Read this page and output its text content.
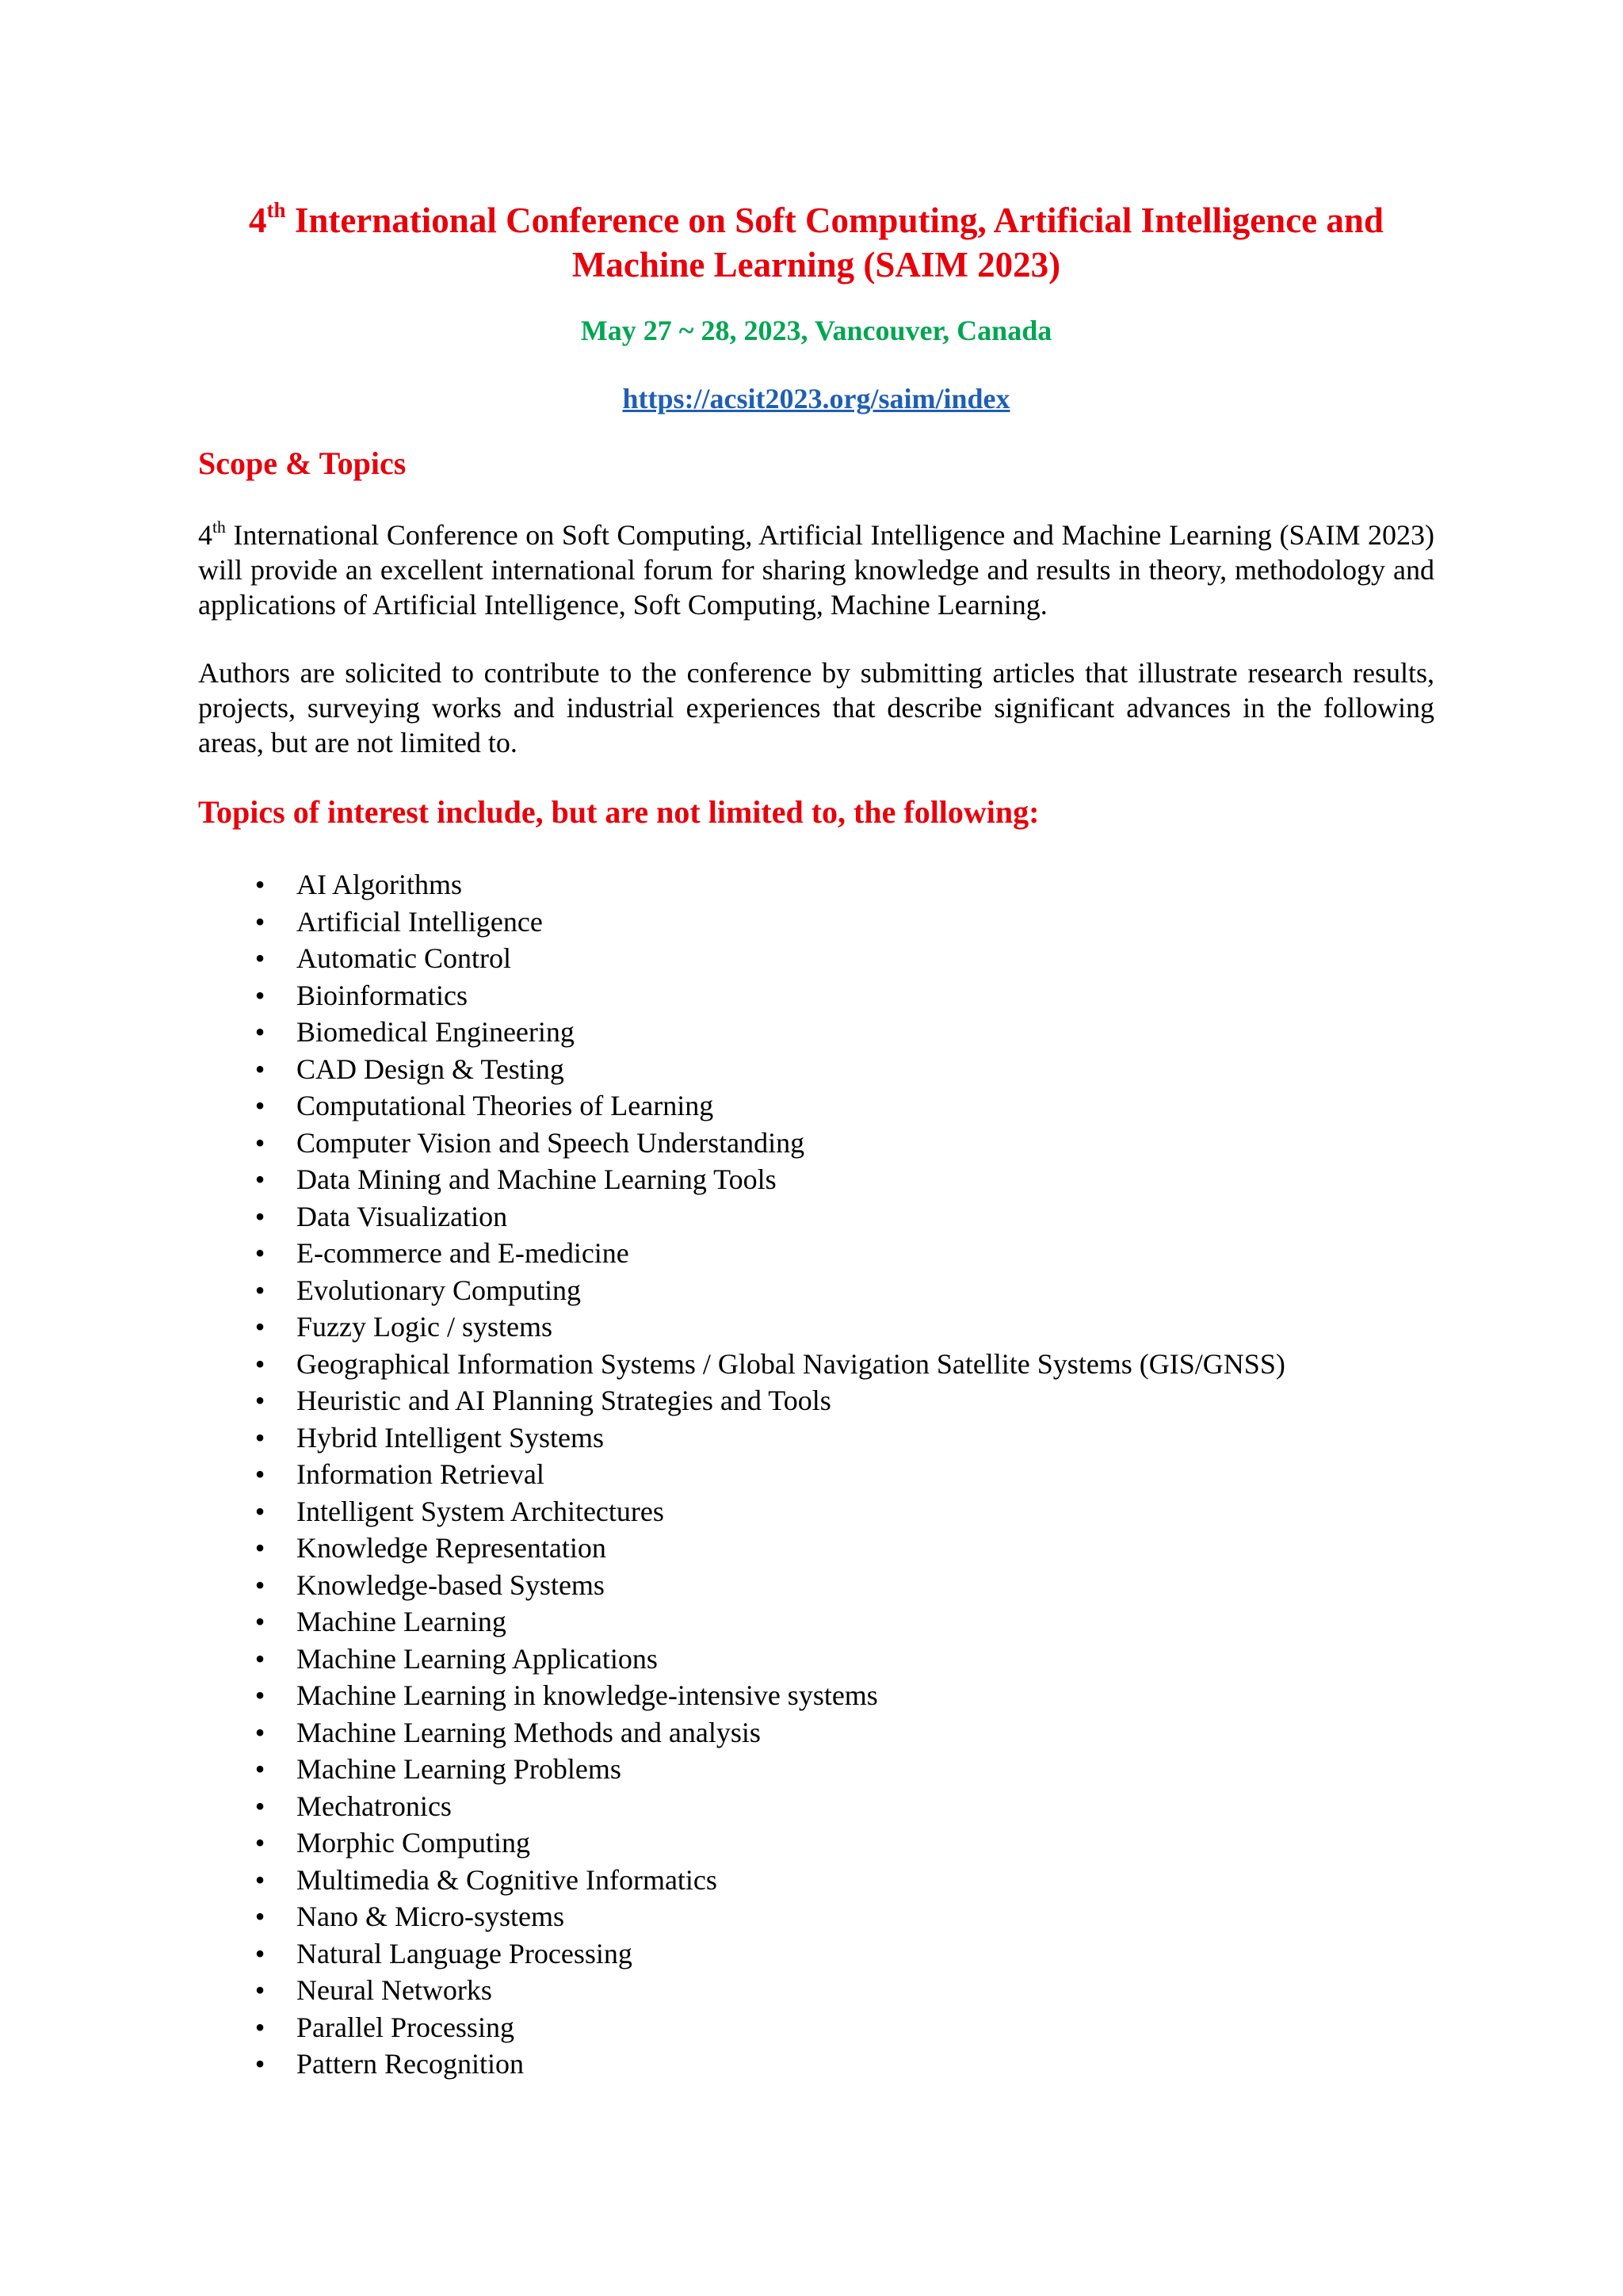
4th International Conference on Soft Computing, Artificial Intelligence and Machine Learning (SAIM 2023)
May 27 ~ 28, 2023, Vancouver, Canada
https://acsit2023.org/saim/index
Scope & Topics

4th International Conference on Soft Computing, Artificial Intelligence and Machine Learning (SAIM 2023) will provide an excellent international forum for sharing knowledge and results in theory, methodology and applications of Artificial Intelligence, Soft Computing, Machine Learning.

Authors are solicited to contribute to the conference by submitting articles that illustrate research results, projects, surveying works and industrial experiences that describe significant advances in the following areas, but are not limited to.

Topics of interest include, but are not limited to, the following:
• AI Algorithms
• Artificial Intelligence
• Automatic Control
• Bioinformatics
• Biomedical Engineering
• CAD Design & Testing
• Computational Theories of Learning
• Computer Vision and Speech Understanding
• Data Mining and Machine Learning Tools
• Data Visualization
• E-commerce and E-medicine
• Evolutionary Computing
• Fuzzy Logic / systems
• Geographical Information Systems / Global Navigation Satellite Systems (GIS/GNSS)
• Heuristic and AI Planning Strategies and Tools
• Hybrid Intelligent Systems
• Information Retrieval
• Intelligent System Architectures
• Knowledge Representation
• Knowledge-based Systems
• Machine Learning
• Machine Learning Applications
• Machine Learning in knowledge-intensive systems
• Machine Learning Methods and analysis
• Machine Learning Problems
• Mechatronics
• Morphic Computing
• Multimedia & Cognitive Informatics
• Nano & Micro-systems
• Natural Language Processing
• Neural Networks
• Parallel Processing
• Pattern Recognition
